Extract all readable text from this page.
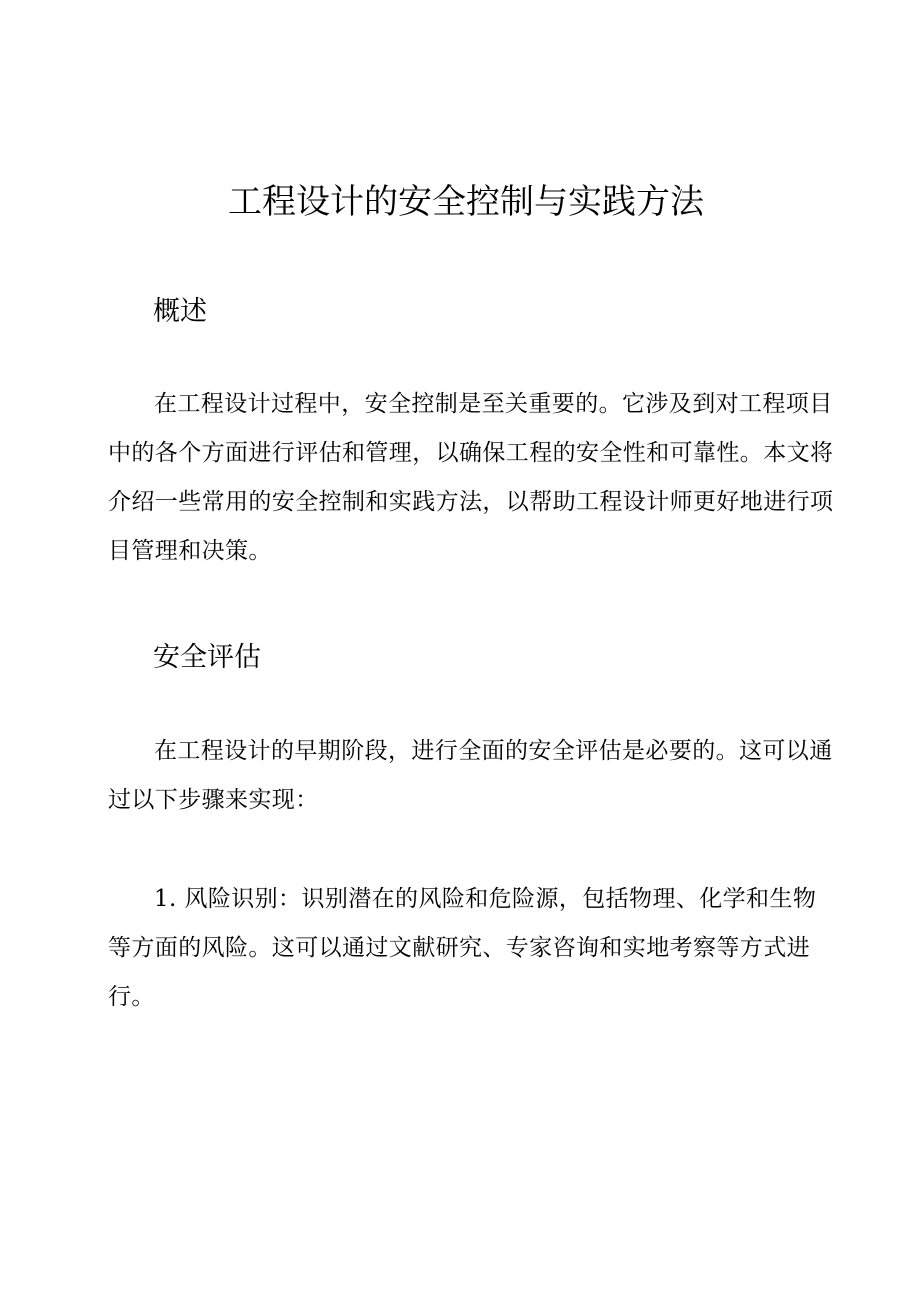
工程设计的安全控制与实践方法
概述

在工程设计过程中，安全控制是至关重要的。它涉及到对工程项目中的各个方面进行评估和管理，以确保工程的安全性和可靠性。本文将介绍一些常用的安全控制和实践方法，以帮助工程设计师更好地进行项目管理和决策。

安全评估

在工程设计的早期阶段，进行全面的安全评估是必要的。这可以通过以下步骤来实现：

1. 风险识别：识别潜在的风险和危险源，包括物理、化学和生物等方面的风险。这可以通过文献研究、专家咨询和实地考察等方式进行。
